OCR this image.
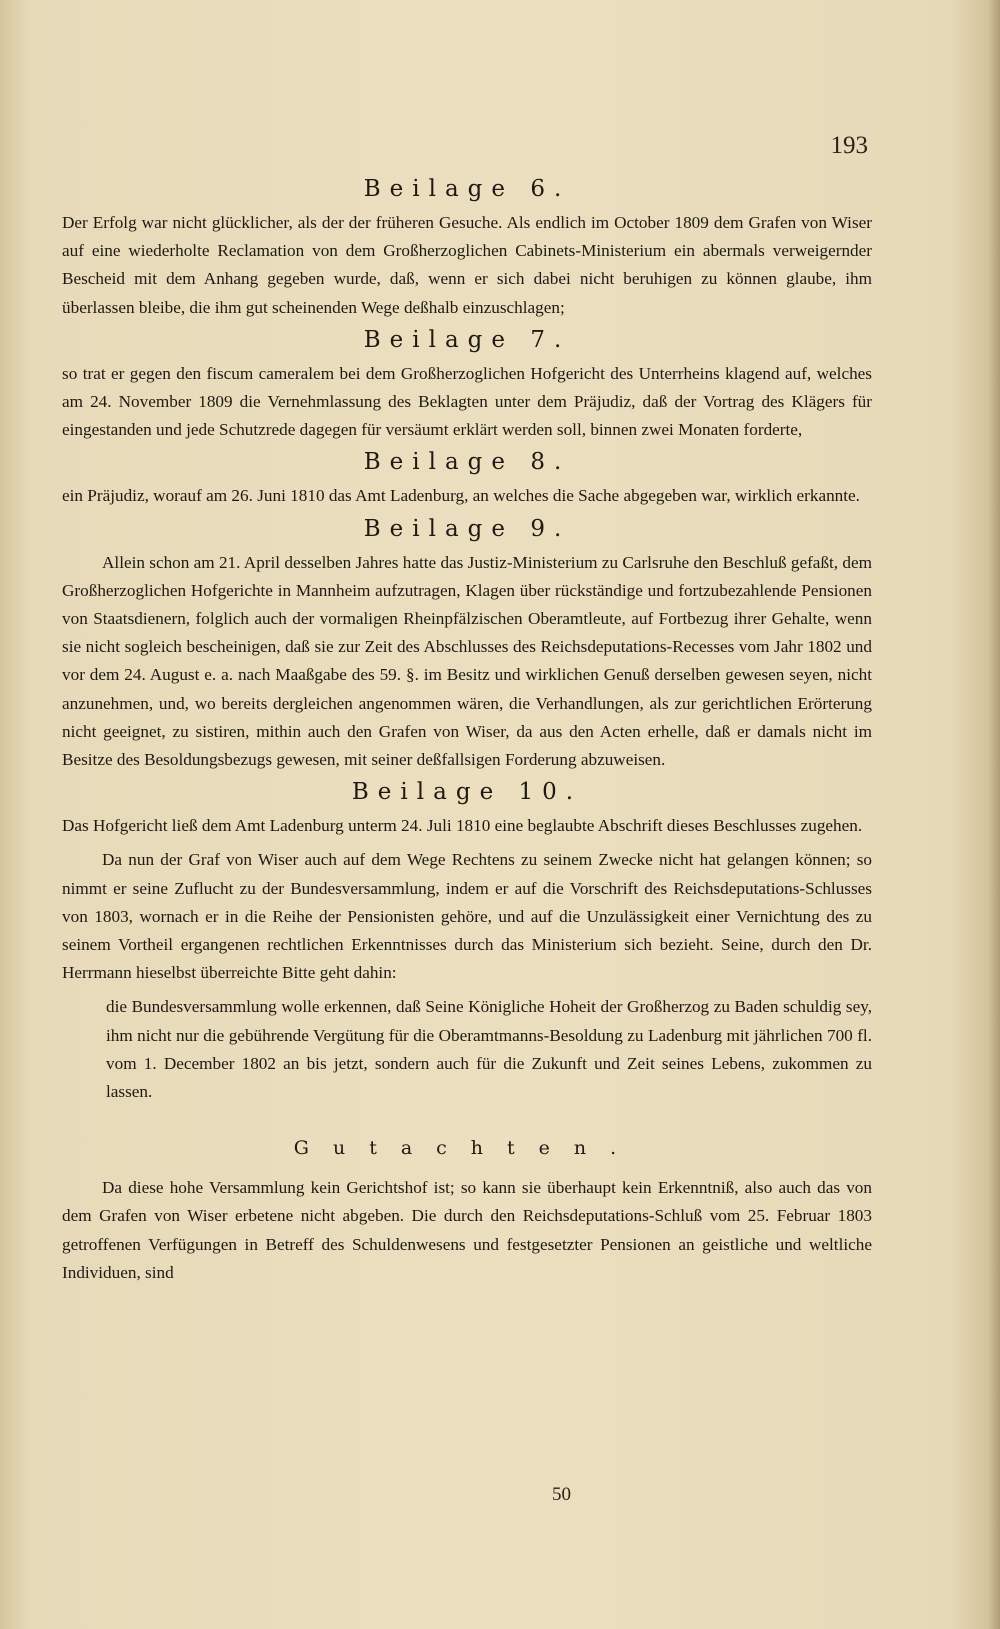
193
Beilage 6.

Der Erfolg war nicht glücklicher, als der der früheren Gesuche. Als endlich im October 1809 dem Grafen von Wiser auf eine wiederholte Reclamation von dem Großherzoglichen Cabinets-Ministerium ein abermals verweigernder Bescheid mit dem Anhang gegeben wurde, daß, wenn er sich dabei nicht beruhigen zu können glaube, ihm überlassen bleibe, die ihm gut scheinenden Wege deßhalb einzuschlagen;

Beilage 7.

so trat er gegen den fiscum cameralem bei dem Großherzoglichen Hofgericht des Unterrheins klagend auf, welches am 24. November 1809 die Vernehmlassung des Beklagten unter dem Präjudiz, daß der Vortrag des Klägers für eingestanden und jede Schutzrede dagegen für versäumt erklärt werden soll, binnen zwei Monaten forderte,

Beilage 8.

ein Präjudiz, worauf am 26. Juni 1810 das Amt Ladenburg, an welches die Sache abgegeben war, wirklich erkannte.

Beilage 9.

Allein schon am 21. April desselben Jahres hatte das Justiz-Ministerium zu Carlsruhe den Beschluß gefaßt, dem Großherzoglichen Hofgerichte in Mannheim aufzutragen, Klagen über rückständige und fortzubezahlende Pensionen von Staatsdienern, folglich auch der vormaligen Rheinpfälzischen Oberamtleute, auf Fortbezug ihrer Gehalte, wenn sie nicht sogleich bescheinigen, daß sie zur Zeit des Abschlusses des Reichsdeputations-Recesses vom Jahr 1802 und vor dem 24. August e. a. nach Maaßgabe des 59. §. im Besitz und wirklichen Genuß derselben gewesen seyen, nicht anzunehmen, und, wo bereits dergleichen angenommen wären, die Verhandlungen, als zur gerichtlichen Erörterung nicht geeignet, zu sistiren, mithin auch den Grafen von Wiser, da aus den Acten erhelle, daß er damals nicht im Besitze des Besoldungsbezugs gewesen, mit seiner deßfallsigen Forderung abzuweisen.

Beilage 10.

Das Hofgericht ließ dem Amt Ladenburg unterm 24. Juli 1810 eine beglaubte Abschrift dieses Beschlusses zugehen.

Da nun der Graf von Wiser auch auf dem Wege Rechtens zu seinem Zwecke nicht hat gelangen können; so nimmt er seine Zuflucht zu der Bundesversammlung, indem er auf die Vorschrift des Reichsdeputations-Schlusses von 1803, wornach er in die Reihe der Pensionisten gehöre, und auf die Unzulässigkeit einer Vernichtung des zu seinem Vortheil ergangenen rechtlichen Erkenntnisses durch das Ministerium sich bezieht. Seine, durch den Dr. Herrmann hieselbst überreichte Bitte geht dahin:

die Bundesversammlung wolle erkennen, daß Seine Königliche Hoheit der Großherzog zu Baden schuldig sey, ihm nicht nur die gebührende Vergütung für die Oberamtmanns-Besoldung zu Ladenburg mit jährlichen 700 fl. vom 1. December 1802 an bis jetzt, sondern auch für die Zukunft und Zeit seines Lebens, zukommen zu lassen.

Gutachten.

Da diese hohe Versammlung kein Gerichtshof ist; so kann sie überhaupt kein Erkenntniß, also auch das von dem Grafen von Wiser erbetene nicht abgeben. Die durch den Reichsdeputations-Schluß vom 25. Februar 1803 getroffenen Verfügungen in Betreff des Schuldenwesens und festgesetzter Pensionen an geistliche und weltliche Individuen, sind

50
